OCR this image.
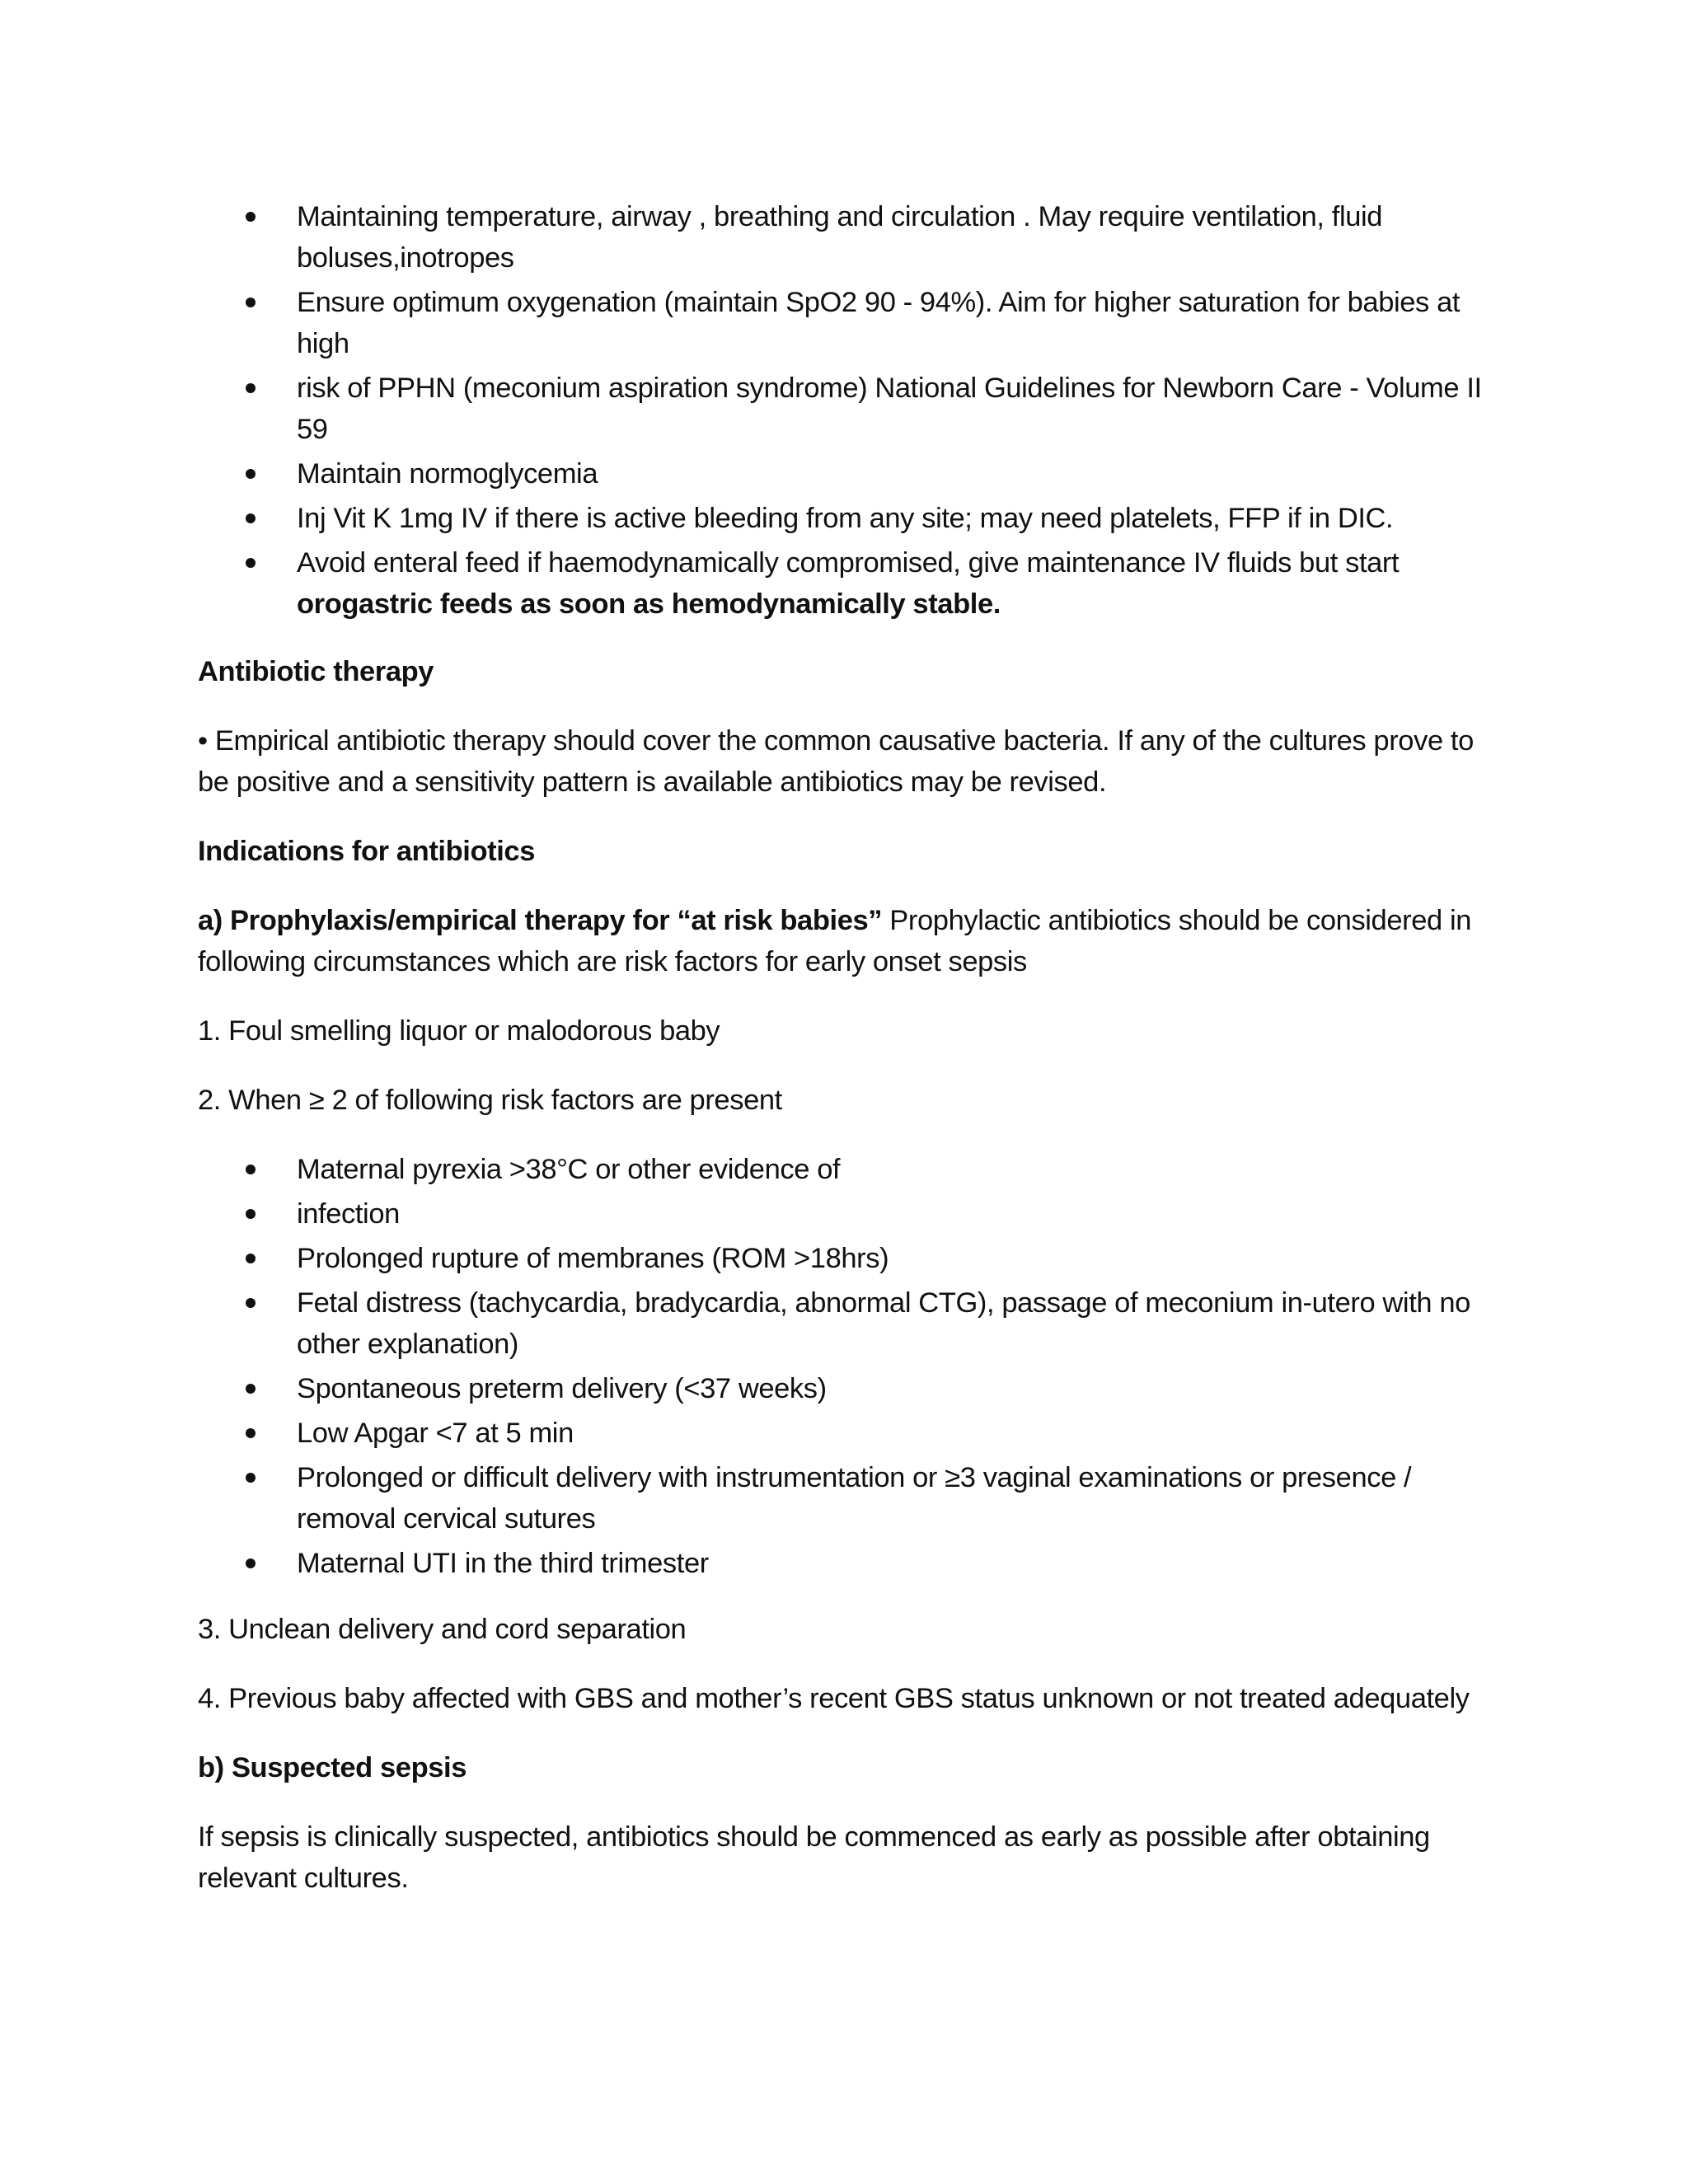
Maintaining temperature, airway , breathing and circulation . May require ventilation, fluid boluses,inotropes
Ensure optimum oxygenation (maintain SpO2 90 - 94%). Aim for higher saturation for babies at high
risk of PPHN (meconium aspiration syndrome) National Guidelines for Newborn Care - Volume II 59
Maintain normoglycemia
Inj Vit K 1mg IV if there is active bleeding from any site; may need platelets, FFP if in DIC.
Avoid enteral feed if haemodynamically compromised, give maintenance IV fluids but start orogastric feeds as soon as hemodynamically stable.

Antibiotic therapy

• Empirical antibiotic therapy should cover the common causative bacteria. If any of the cultures prove to be positive and a sensitivity pattern is available antibiotics may be revised.

Indications for antibiotics

a) Prophylaxis/empirical therapy for “at risk babies” Prophylactic antibiotics should be considered in following circumstances which are risk factors for early onset sepsis

1. Foul smelling liquor or malodorous baby

2. When ≥ 2 of following risk factors are present

Maternal pyrexia >38°C or other evidence of
infection
Prolonged rupture of membranes (ROM >18hrs)
Fetal distress (tachycardia, bradycardia, abnormal CTG), passage of meconium in-utero with no other explanation)
Spontaneous preterm delivery (<37 weeks)
Low Apgar <7 at 5 min
Prolonged or difficult delivery with instrumentation or ≥3 vaginal examinations or presence / removal cervical sutures
Maternal UTI in the third trimester

3. Unclean delivery and cord separation

4. Previous baby affected with GBS and mother’s recent GBS status unknown or not treated adequately

b) Suspected sepsis

If sepsis is clinically suspected, antibiotics should be commenced as early as possible after obtaining relevant cultures.
